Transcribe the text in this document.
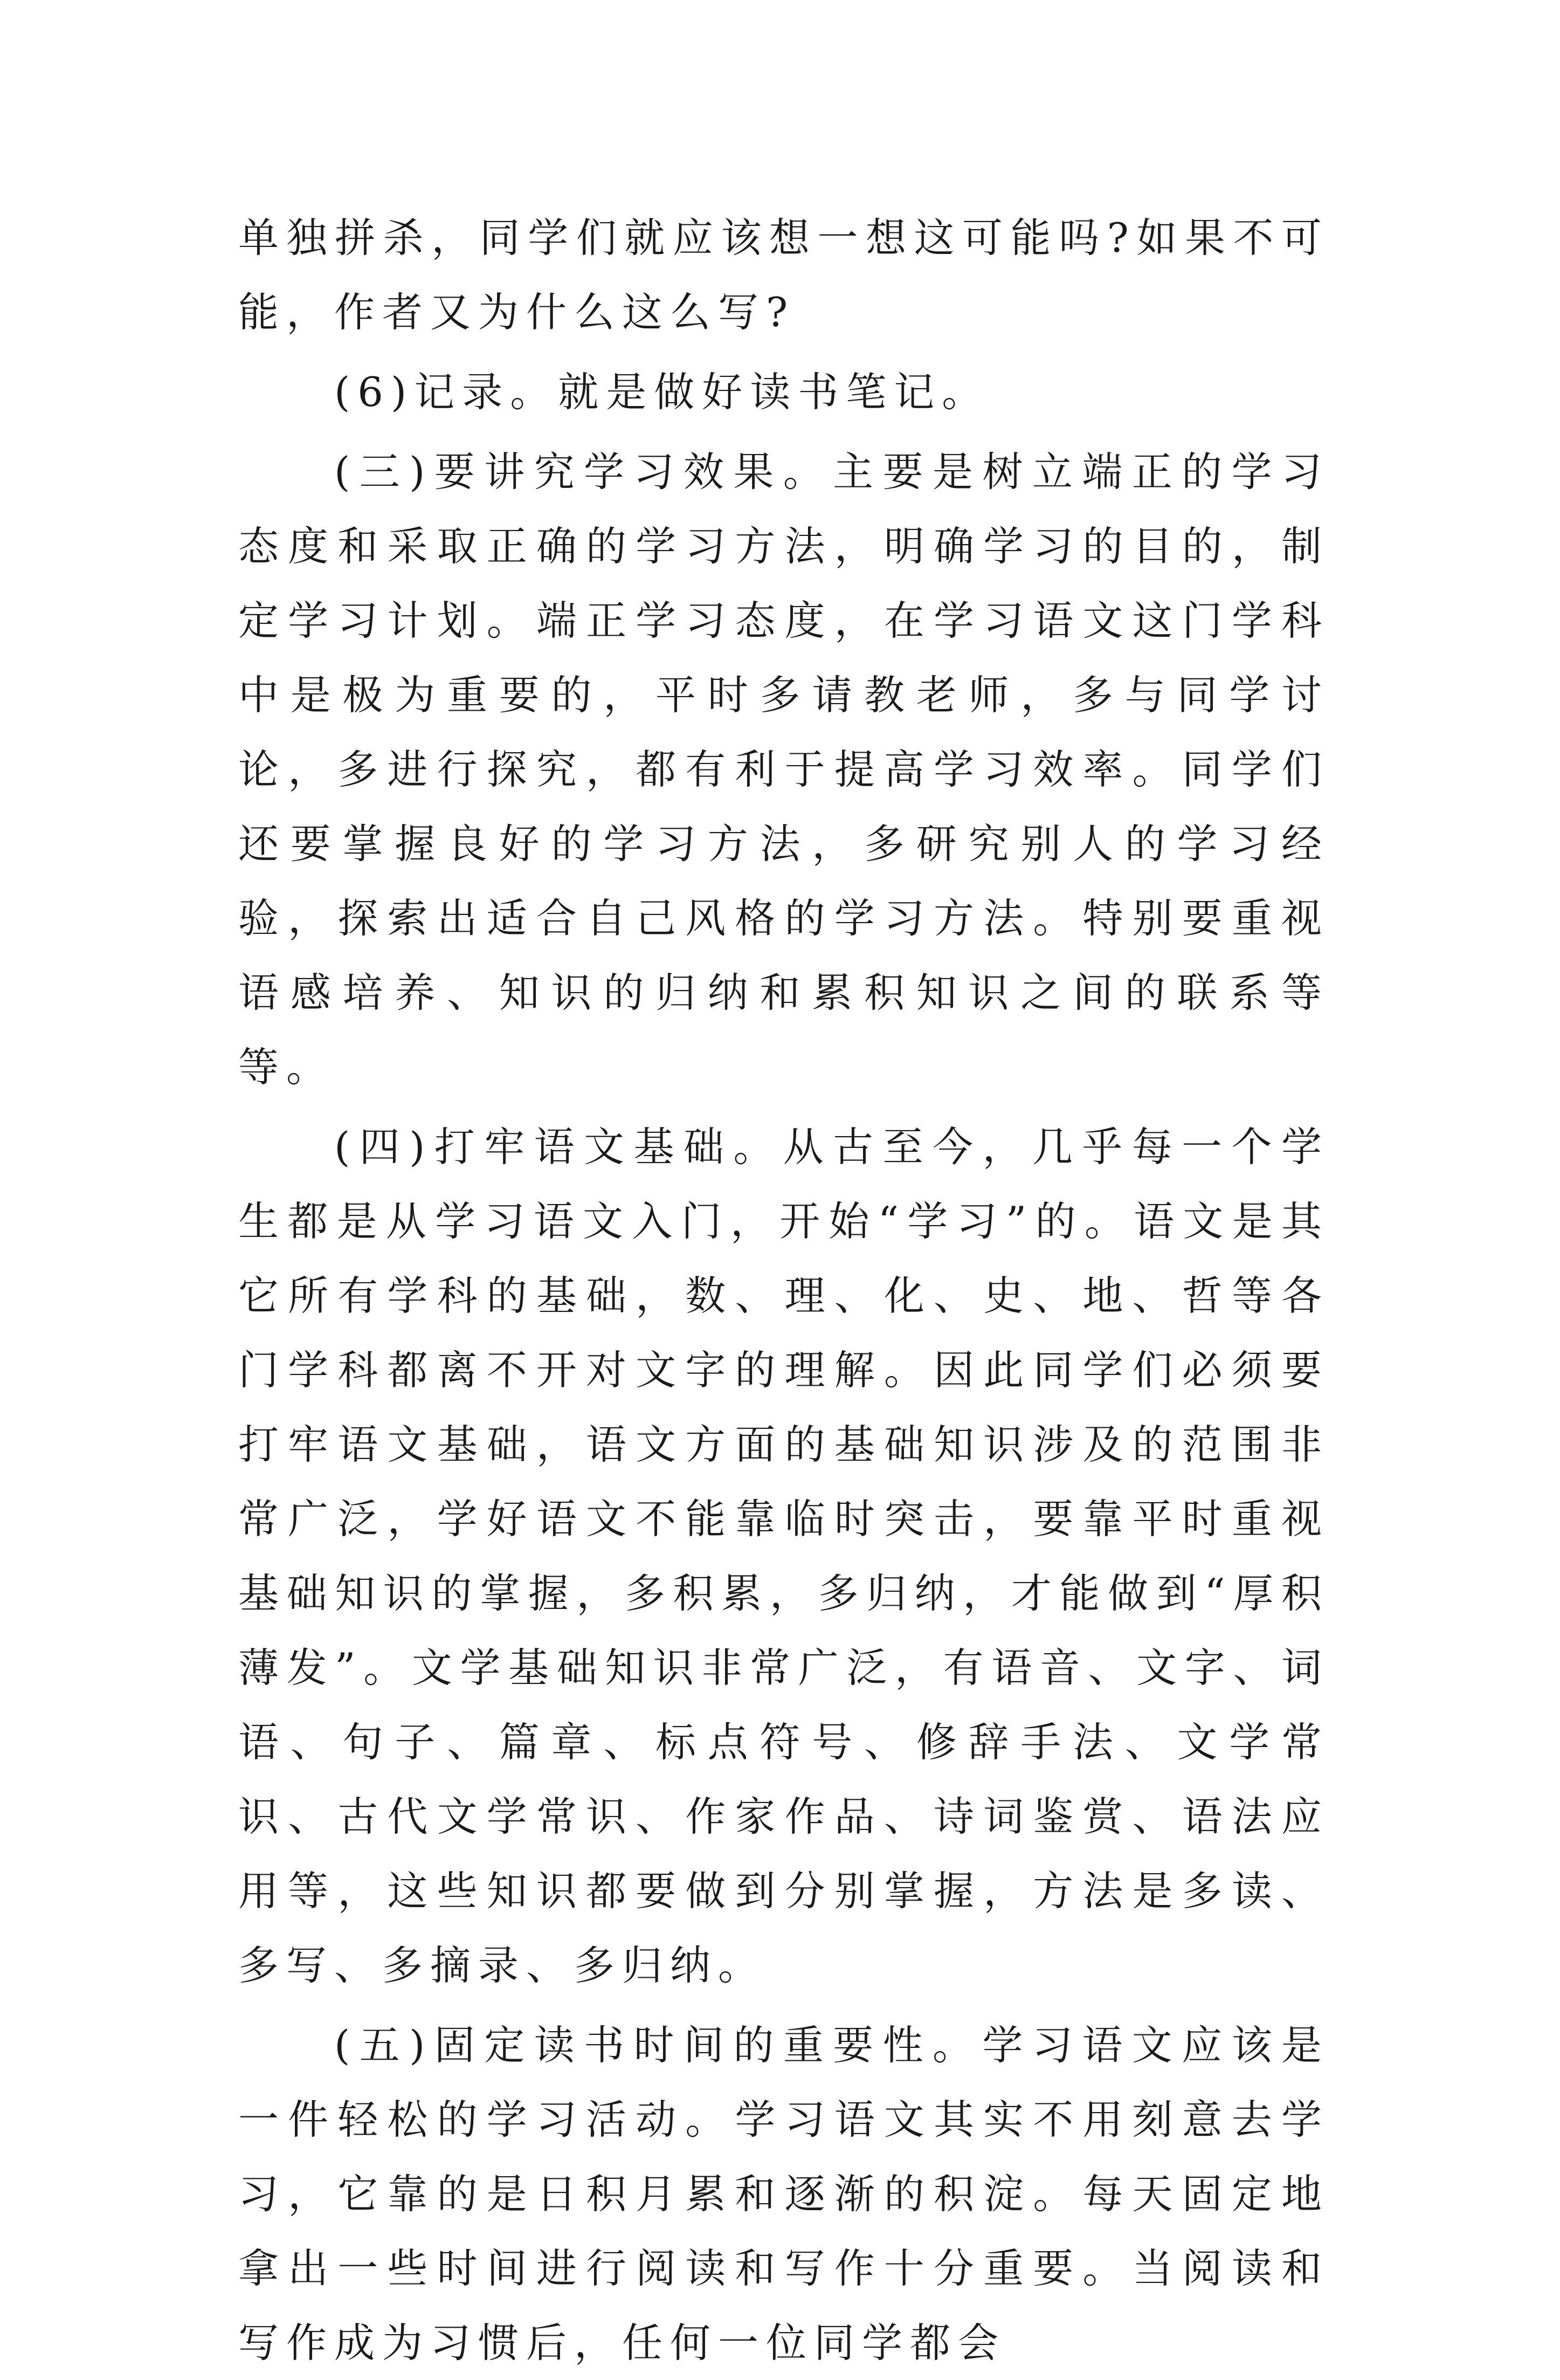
单独拼杀，同学们就应该想一想这可能吗?如果不可能，作者又为什么这么写?

(6)记录。就是做好读书笔记。

(三)要讲究学习效果。主要是树立端正的学习态度和采取正确的学习方法，明确学习的目的，制定学习计划。端正学习态度，在学习语文这门学科中是极为重要的，平时多请教老师，多与同学讨论，多进行探究，都有利于提高学习效率。同学们还要掌握良好的学习方法，多研究别人的学习经验，探索出适合自己风格的学习方法。特别要重视语感培养、知识的归纳和累积知识之间的联系等等。

(四)打牢语文基础。从古至今，几乎每一个学生都是从学习语文入门，开始“学习”的。语文是其它所有学科的基础，数、理、化、史、地、哲等各门学科都离不开对文字的理解。因此同学们必须要打牢语文基础，语文方面的基础知识涉及的范围非常广泛，学好语文不能靠临时突击，要靠平时重视基础知识的掌握，多积累，多归纳，才能做到“厚积薄发”。文学基础知识非常广泛，有语音、文字、词语、句子、篇章、标点符号、修辞手法、文学常识、古代文学常识、作家作品、诗词鉴赏、语法应用等，这些知识都要做到分别掌握，方法是多读、多写、多摘录、多归纳。

(五)固定读书时间的重要性。学习语文应该是一件轻松的学习活动。学习语文其实不用刻意去学习，它靠的是日积月累和逐渐的积淀。每天固定地拿出一些时间进行阅读和写作十分重要。当阅读和写作成为习惯后，任何一位同学都会
